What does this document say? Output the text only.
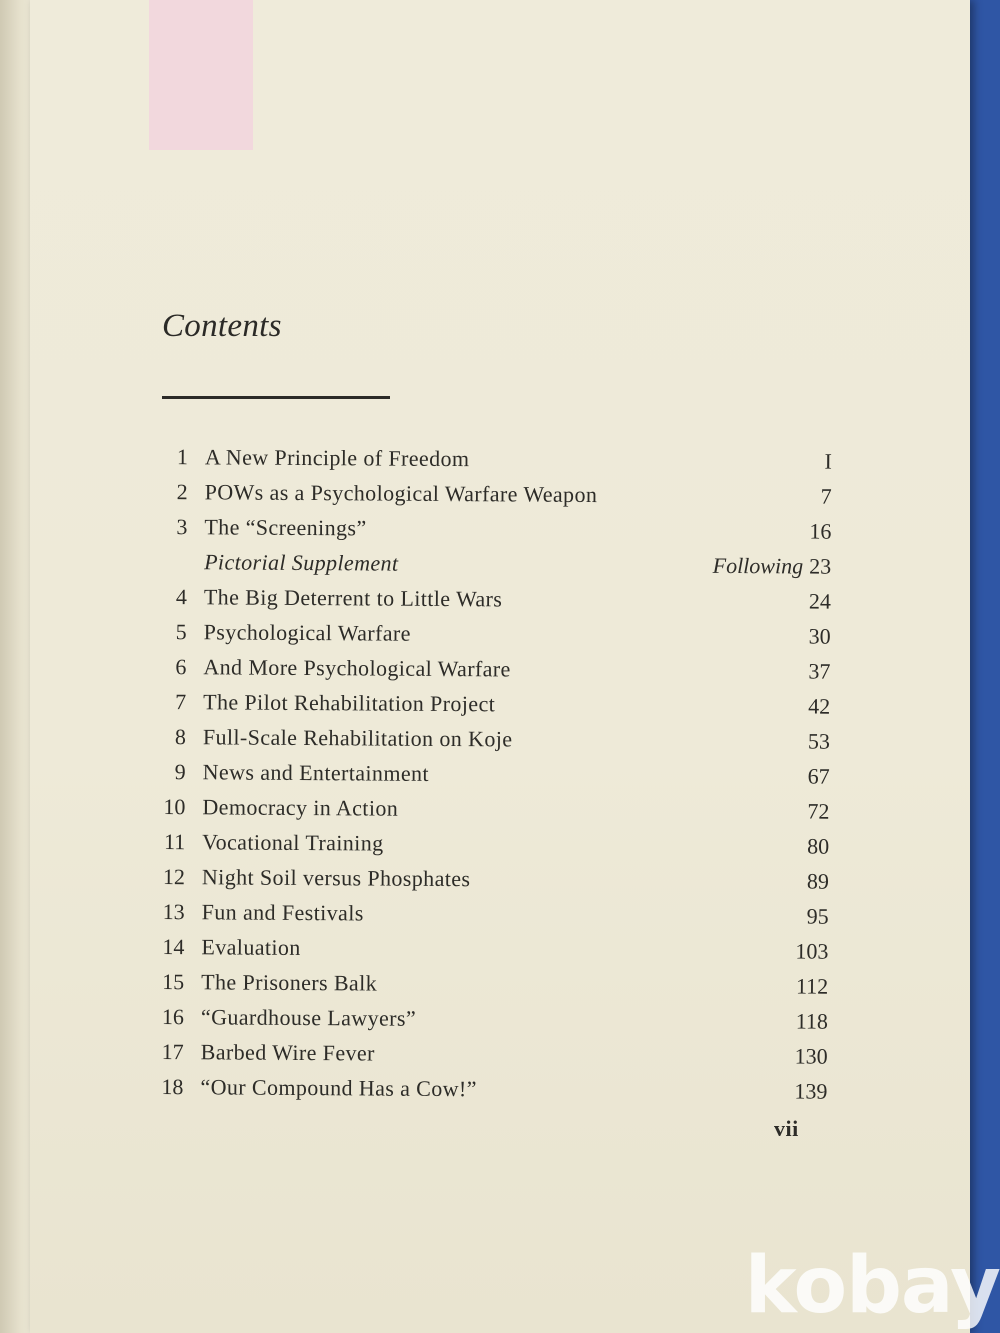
Contents
1 A New Principle of Freedom	I
2 POWs as a Psychological Warfare Weapon	7
3 The “Screenings”	16
Pictorial Supplement	Following 23
4 The Big Deterrent to Little Wars	24
5 Psychological Warfare	30
6 And More Psychological Warfare	37
7 The Pilot Rehabilitation Project	42
8 Full-Scale Rehabilitation on Koje	53
9 News and Entertainment	67
10 Democracy in Action	72
11 Vocational Training	80
12 Night Soil versus Phosphates	89
13 Fun and Festivals	95
14 Evaluation	103
15 The Prisoners Balk	112
16 “Guardhouse Lawyers”	118
17 Barbed Wire Fever	130
18 “Our Compound Has a Cow!”	139
vii
kobay
